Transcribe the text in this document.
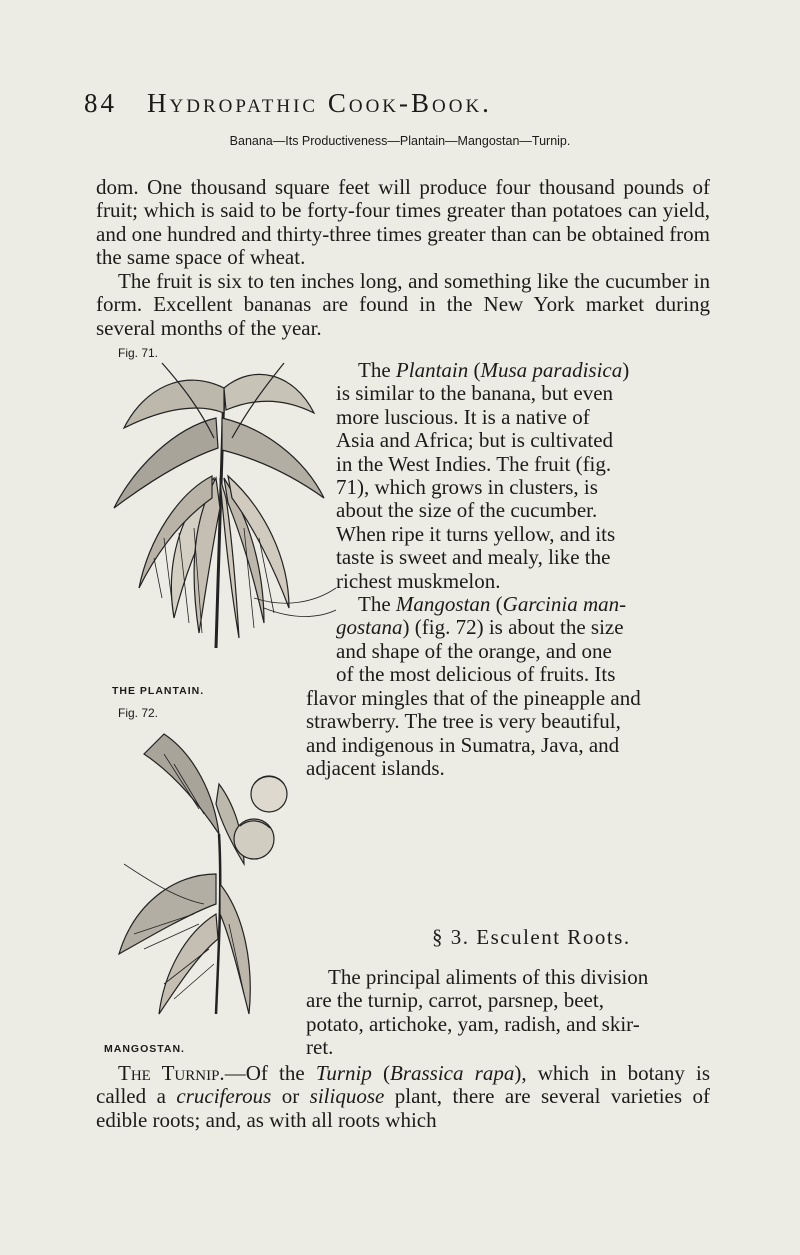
84 Hydropathic Cook-Book.
Banana—Its Productiveness—Plantain—Mangostan—Turnip.

dom. One thousand square feet will produce four thousand pounds of fruit; which is said to be forty-four times greater than potatoes can yield, and one hundred and thirty-three times greater than can be obtained from the same space of wheat.

The fruit is six to ten inches long, and something like the cucumber in form. Excellent bananas are found in the New York market during several months of the year.

Fig. 71.
THE PLANTAIN.
The Plantain (Musa paradisica)
is similar to the banana, but even
more luscious. It is a native of
Asia and Africa; but is cultivated
in the West Indies. The fruit (fig.
71), which grows in clusters, is
about the size of the cucumber.
When ripe it turns yellow, and its
taste is sweet and mealy, like the
richest muskmelon.
The Mangostan (Garcinia man-
gostana) (fig. 72) is about the size
and shape of the orange, and one
of the most delicious of fruits. Its
flavor mingles that of the pineapple and
strawberry. The tree is very beautiful,
and indigenous in Sumatra, Java, and
adjacent islands.
Fig. 72.
MANGOSTAN.
§ 3. Esculent Roots.
The principal aliments of this division
are the turnip, carrot, parsnep, beet,
potato, artichoke, yam, radish, and skir-
ret.

The Turnip.—Of the Turnip (Brassica rapa), which in botany is called a cruciferous or siliquose plant, there are several varieties of edible roots; and, as with all roots which
